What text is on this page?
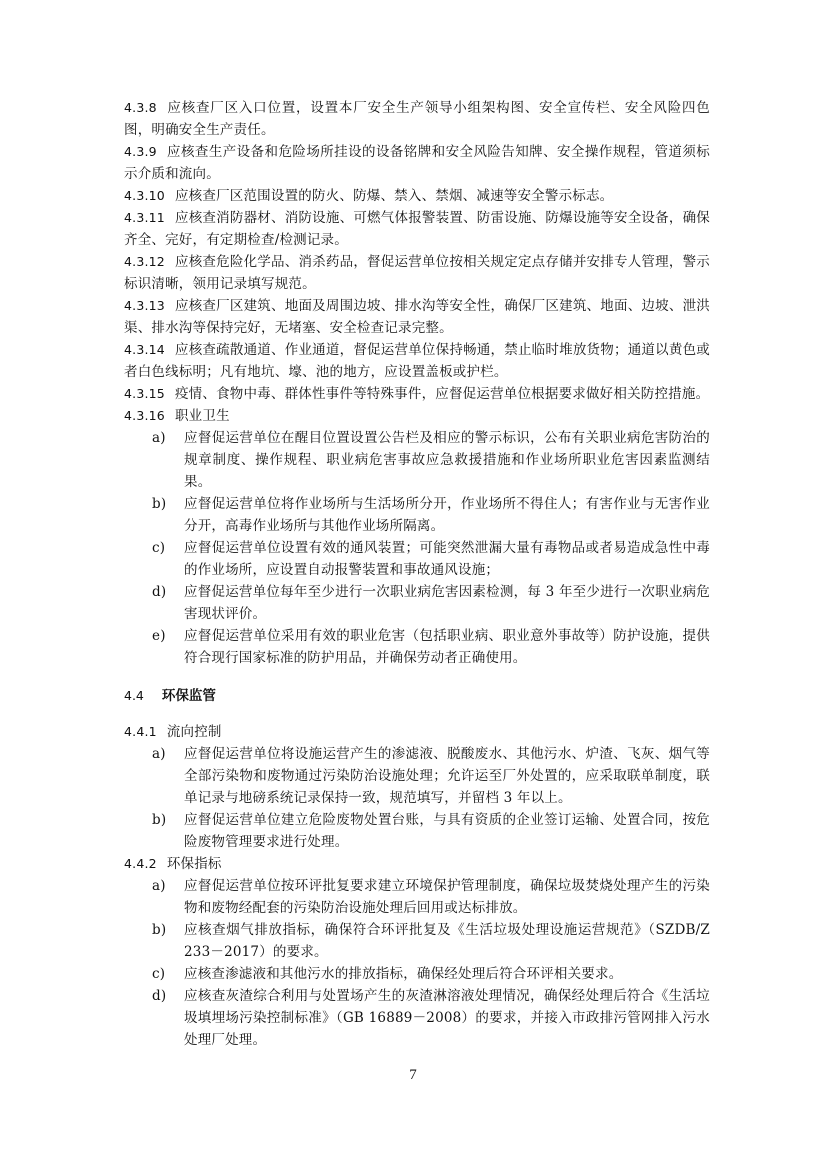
4.3.8 应核查厂区入口位置，设置本厂安全生产领导小组架构图、安全宣传栏、安全风险四色图，明确安全生产责任。

4.3.9 应核查生产设备和危险场所挂设的设备铭牌和安全风险告知牌、安全操作规程，管道须标示介质和流向。

4.3.10 应核查厂区范围设置的防火、防爆、禁入、禁烟、减速等安全警示标志。

4.3.11 应核查消防器材、消防设施、可燃气体报警装置、防雷设施、防爆设施等安全设备，确保齐全、完好，有定期检查/检测记录。

4.3.12 应核查危险化学品、消杀药品，督促运营单位按相关规定定点存储并安排专人管理，警示标识清晰，领用记录填写规范。

4.3.13 应核查厂区建筑、地面及周围边坡、排水沟等安全性，确保厂区建筑、地面、边坡、泄洪渠、排水沟等保持完好，无堵塞、安全检查记录完整。

4.3.14 应核查疏散通道、作业通道，督促运营单位保持畅通，禁止临时堆放货物；通道以黄色或者白色线标明；凡有地坑、壕、池的地方，应设置盖板或护栏。

4.3.15 疫情、食物中毒、群体性事件等特殊事件，应督促运营单位根据要求做好相关防控措施。

4.3.16 职业卫生

a) 应督促运营单位在醒目位置设置公告栏及相应的警示标识，公布有关职业病危害防治的规章制度、操作规程、职业病危害事故应急救援措施和作业场所职业危害因素监测结果。

b) 应督促运营单位将作业场所与生活场所分开，作业场所不得住人；有害作业与无害作业分开，高毒作业场所与其他作业场所隔离。

c) 应督促运营单位设置有效的通风装置；可能突然泄漏大量有毒物品或者易造成急性中毒的作业场所，应设置自动报警装置和事故通风设施；

d) 应督促运营单位每年至少进行一次职业病危害因素检测，每 3 年至少进行一次职业病危害现状评价。

e) 应督促运营单位采用有效的职业危害（包括职业病、职业意外事故等）防护设施，提供符合现行国家标准的防护用品，并确保劳动者正确使用。

4.4 环保监管

4.4.1 流向控制

a) 应督促运营单位将设施运营产生的渗滤液、脱酸废水、其他污水、炉渣、飞灰、烟气等全部污染物和废物通过污染防治设施处理；允许运至厂外处置的，应采取联单制度，联单记录与地磅系统记录保持一致，规范填写，并留档 3 年以上。

b) 应督促运营单位建立危险废物处置台账，与具有资质的企业签订运输、处置合同，按危险废物管理要求进行处理。

4.4.2 环保指标

a) 应督促运营单位按环评批复要求建立环境保护管理制度，确保垃圾焚烧处理产生的污染物和废物经配套的污染防治设施处理后回用或达标排放。

b) 应核查烟气排放指标，确保符合环评批复及《生活垃圾处理设施运营规范》（SZDB/Z 233－2017）的要求。

c) 应核查渗滤液和其他污水的排放指标，确保经处理后符合环评相关要求。

d) 应核查灰渣综合利用与处置场产生的灰渣淋溶液处理情况，确保经处理后符合《生活垃圾填埋场污染控制标准》（GB 16889－2008）的要求，并接入市政排污管网排入污水处理厂处理。

7
